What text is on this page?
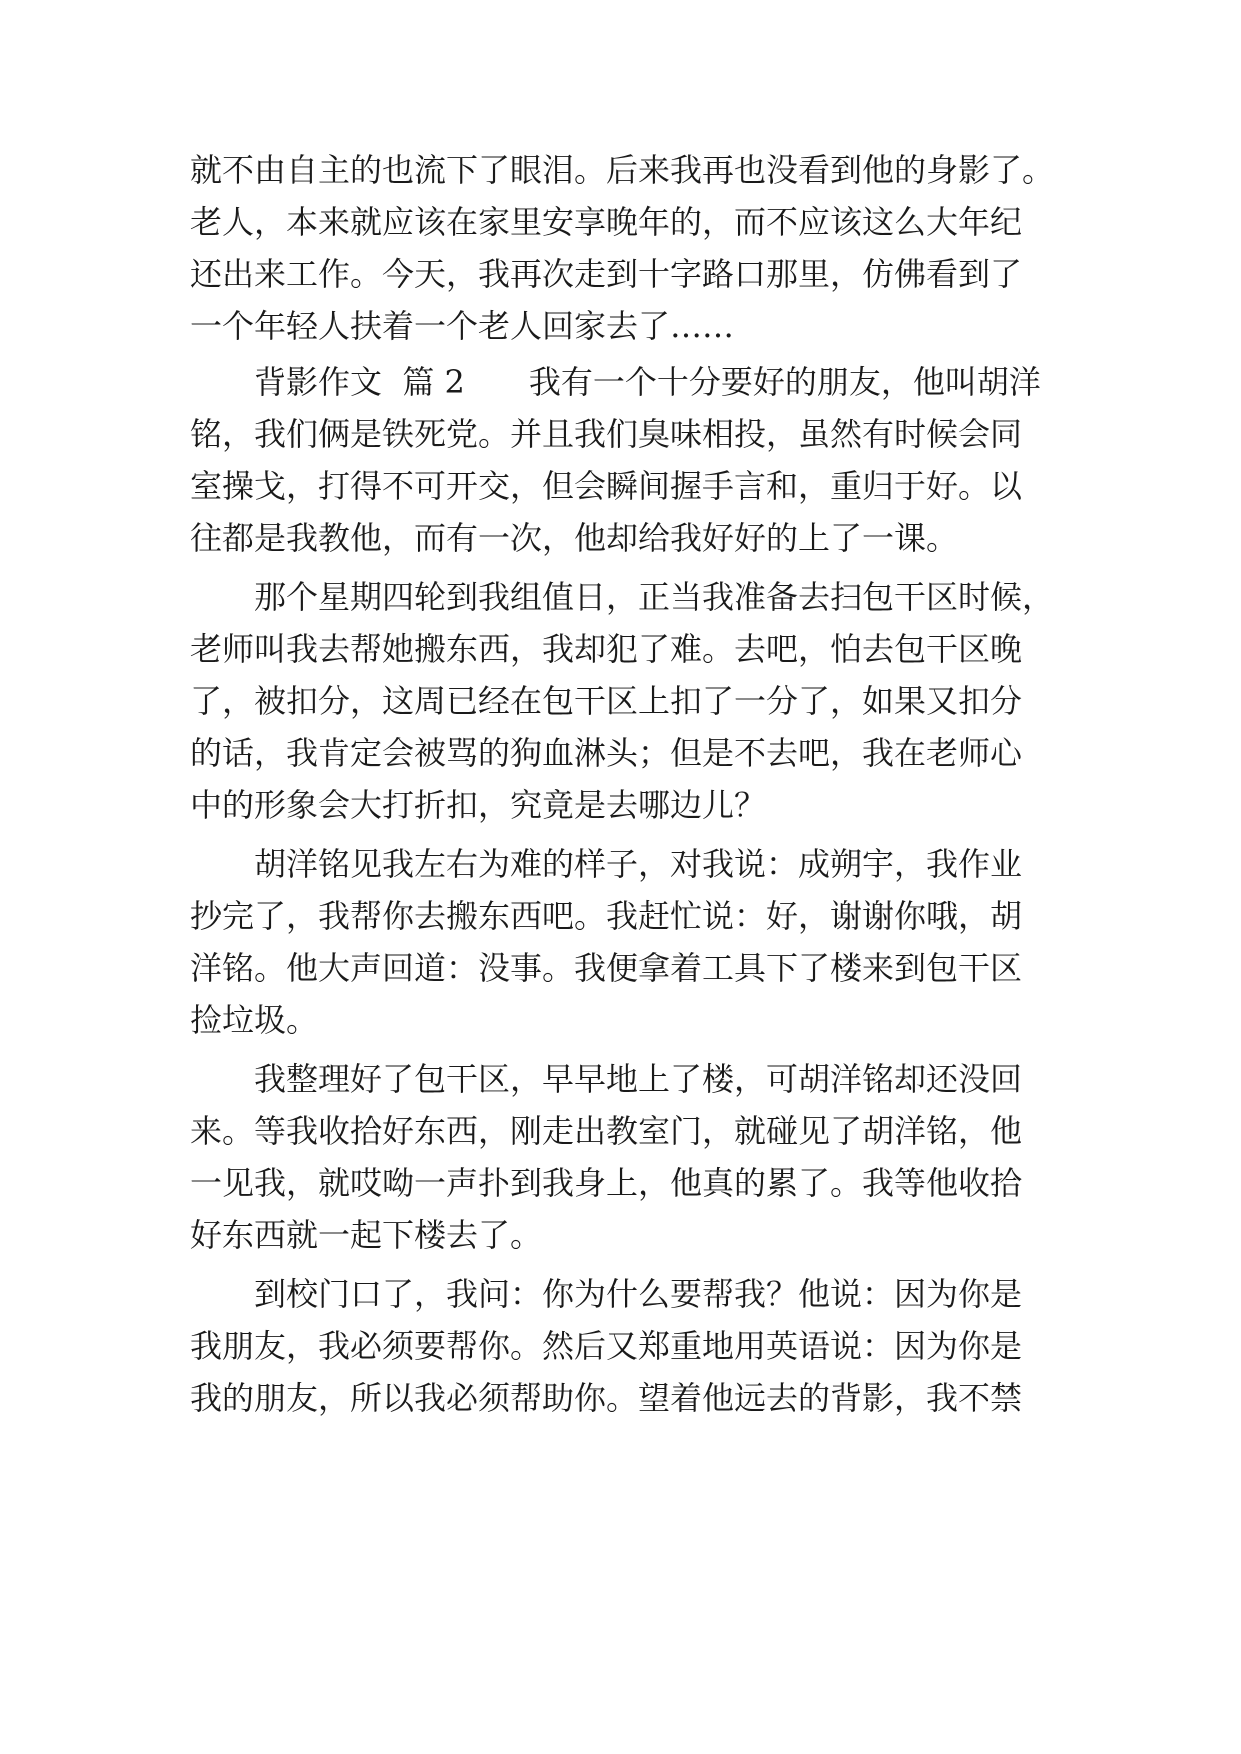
就不由自主的也流下了眼泪。后来我再也没看到他的身影了。

老人，本来就应该在家里安享晚年的，而不应该这么大年纪

还出来工作。今天，我再次走到十字路口那里，仿佛看到了

一个年轻人扶着一个老人回家去了……

　　背影作文  篇 2　　我有一个十分要好的朋友，他叫胡洋

铭，我们俩是铁死党。并且我们臭味相投，虽然有时候会同

室操戈，打得不可开交，但会瞬间握手言和，重归于好。以

往都是我教他，而有一次，他却给我好好的上了一课。

　　那个星期四轮到我组值日，正当我准备去扫包干区时候，

老师叫我去帮她搬东西，我却犯了难。去吧，怕去包干区晚

了，被扣分，这周已经在包干区上扣了一分了，如果又扣分

的话，我肯定会被骂的狗血淋头；但是不去吧，我在老师心

中的形象会大打折扣，究竟是去哪边儿？

　　胡洋铭见我左右为难的样子，对我说：成朔宇，我作业

抄完了，我帮你去搬东西吧。我赶忙说：好，谢谢你哦，胡

洋铭。他大声回道：没事。我便拿着工具下了楼来到包干区

捡垃圾。

　　我整理好了包干区，早早地上了楼，可胡洋铭却还没回

来。等我收拾好东西，刚走出教室门，就碰见了胡洋铭，他

一见我，就哎呦一声扑到我身上，他真的累了。我等他收拾

好东西就一起下楼去了。

　　到校门口了，我问：你为什么要帮我？他说：因为你是

我朋友，我必须要帮你。然后又郑重地用英语说：因为你是

我的朋友，所以我必须帮助你。望着他远去的背影，我不禁
